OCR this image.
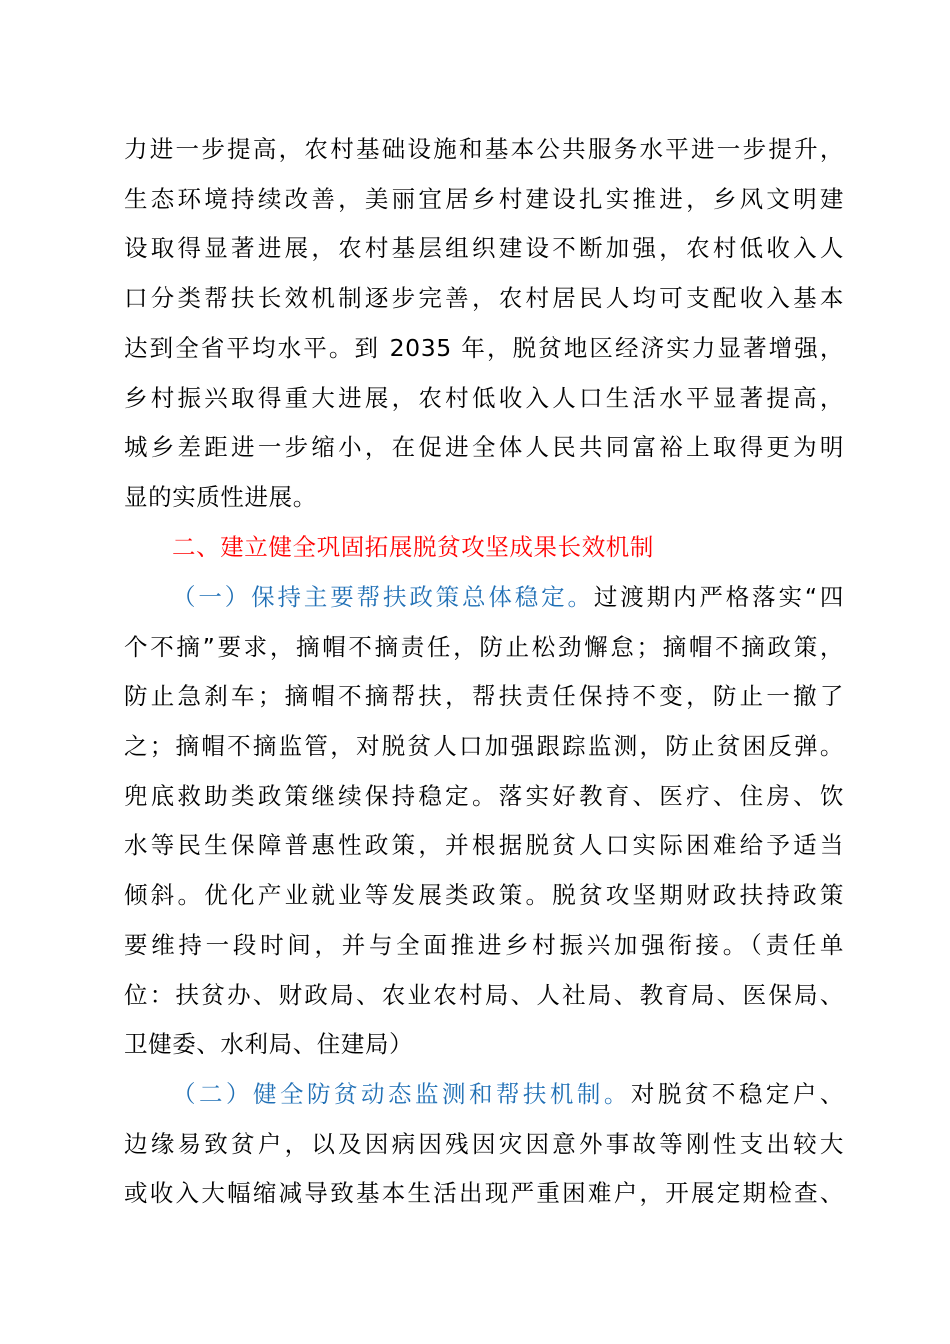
力进一步提高，农村基础设施和基本公共服务水平进一步提升，
生态环境持续改善，美丽宜居乡村建设扎实推进，乡风文明建
设取得显著进展，农村基层组织建设不断加强，农村低收入人
口分类帮扶长效机制逐步完善，农村居民人均可支配收入基本
达到全省平均水平。到 2035 年，脱贫地区经济实力显著增强，
乡村振兴取得重大进展，农村低收入人口生活水平显著提高，
城乡差距进一步缩小，在促进全体人民共同富裕上取得更为明
显的实质性进展。
二、建立健全巩固拓展脱贫攻坚成果长效机制
（一）保持主要帮扶政策总体稳定。过渡期内严格落实“四
个不摘”要求，摘帽不摘责任，防止松劲懈怠；摘帽不摘政策，
防止急刹车；摘帽不摘帮扶，帮扶责任保持不变，防止一撤了
之；摘帽不摘监管，对脱贫人口加强跟踪监测，防止贫困反弹。
兜底救助类政策继续保持稳定。落实好教育、医疗、住房、饮
水等民生保障普惠性政策，并根据脱贫人口实际困难给予适当
倾斜。优化产业就业等发展类政策。脱贫攻坚期财政扶持政策
要维持一段时间，并与全面推进乡村振兴加强衔接。（责任单
位：扶贫办、财政局、农业农村局、人社局、教育局、医保局、
卫健委、水利局、住建局）
（二）健全防贫动态监测和帮扶机制。对脱贫不稳定户、
边缘易致贫户，以及因病因残因灾因意外事故等刚性支出较大
或收入大幅缩减导致基本生活出现严重困难户，开展定期检查、
